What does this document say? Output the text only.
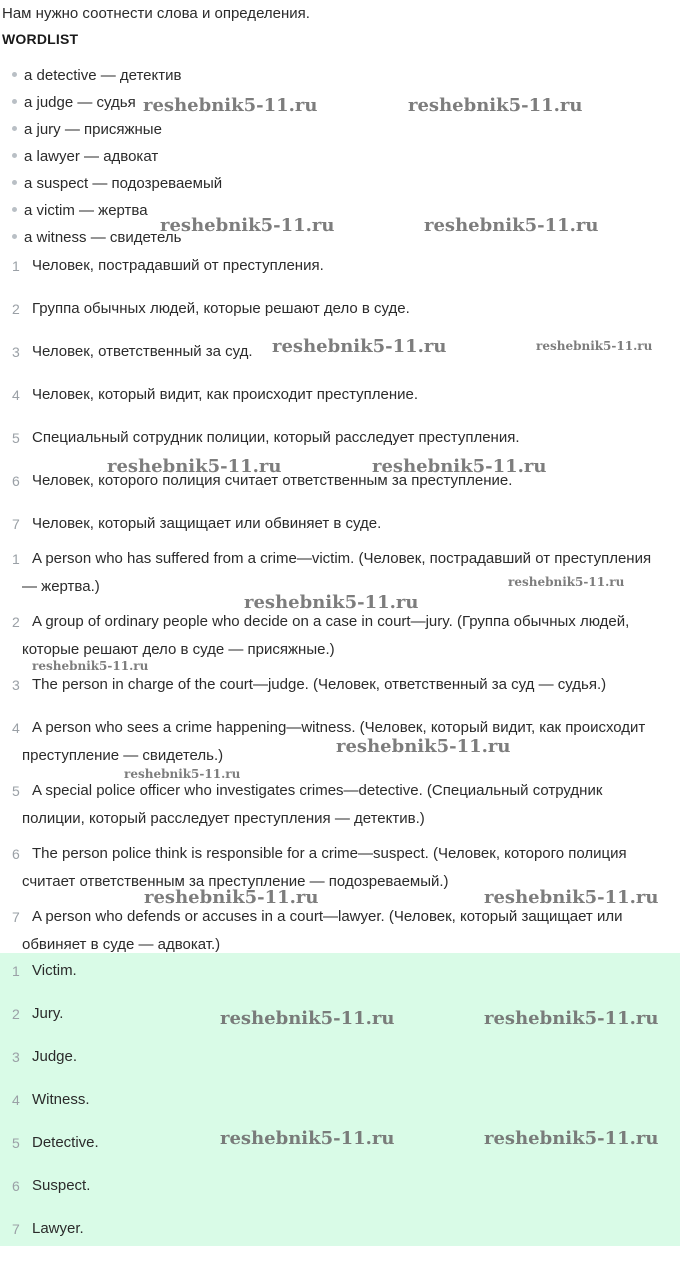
Нам нужно соотнести слова и определения.
WORDLIST
a detective — детектив
a judge — судья
a jury — присяжные
a lawyer — адвокат
a suspect — подозреваемый
a victim — жертва
a witness — свидетель
1 Человек, пострадавший от преступления.
2 Группа обычных людей, которые решают дело в суде.
3 Человек, ответственный за суд.
4 Человек, который видит, как происходит преступление.
5 Специальный сотрудник полиции, который расследует преступления.
6 Человек, которого полиция считает ответственным за преступление.
7 Человек, который защищает или обвиняет в суде.
1 A person who has suffered from a crime—victim. (Человек, пострадавший от преступления — жертва.)
2 A group of ordinary people who decide on a case in court—jury. (Группа обычных людей, которые решают дело в суде — присяжные.)
3 The person in charge of the court—judge. (Человек, ответственный за суд — судья.)
4 A person who sees a crime happening—witness. (Человек, который видит, как происходит преступление — свидетель.)
5 A special police officer who investigates crimes—detective. (Специальный сотрудник полиции, который расследует преступления — детектив.)
6 The person police think is responsible for a crime—suspect. (Человек, которого полиция считает ответственным за преступление — подозреваемый.)
7 A person who defends or accuses in a court—lawyer. (Человек, который защищает или обвиняет в суде — адвокат.)
1 Victim.
2 Jury.
3 Judge.
4 Witness.
5 Detective.
6 Suspect.
7 Lawyer.
reshebnik5-11.ru	reshebnik5-11.ru
reshebnik5-11.ru	reshebnik5-11.ru
reshebnik5-11.ru	reshebnik5-11.ru
reshebnik5-11.ru	reshebnik5-11.ru
reshebnik5-11.ru
reshebnik5-11.ru
reshebnik5-11.ru
reshebnik5-11.ru
reshebnik5-11.ru
reshebnik5-11.ru	reshebnik5-11.ru
reshebnik5-11.ru	reshebnik5-11.ru
reshebnik5-11.ru	reshebnik5-11.ru
